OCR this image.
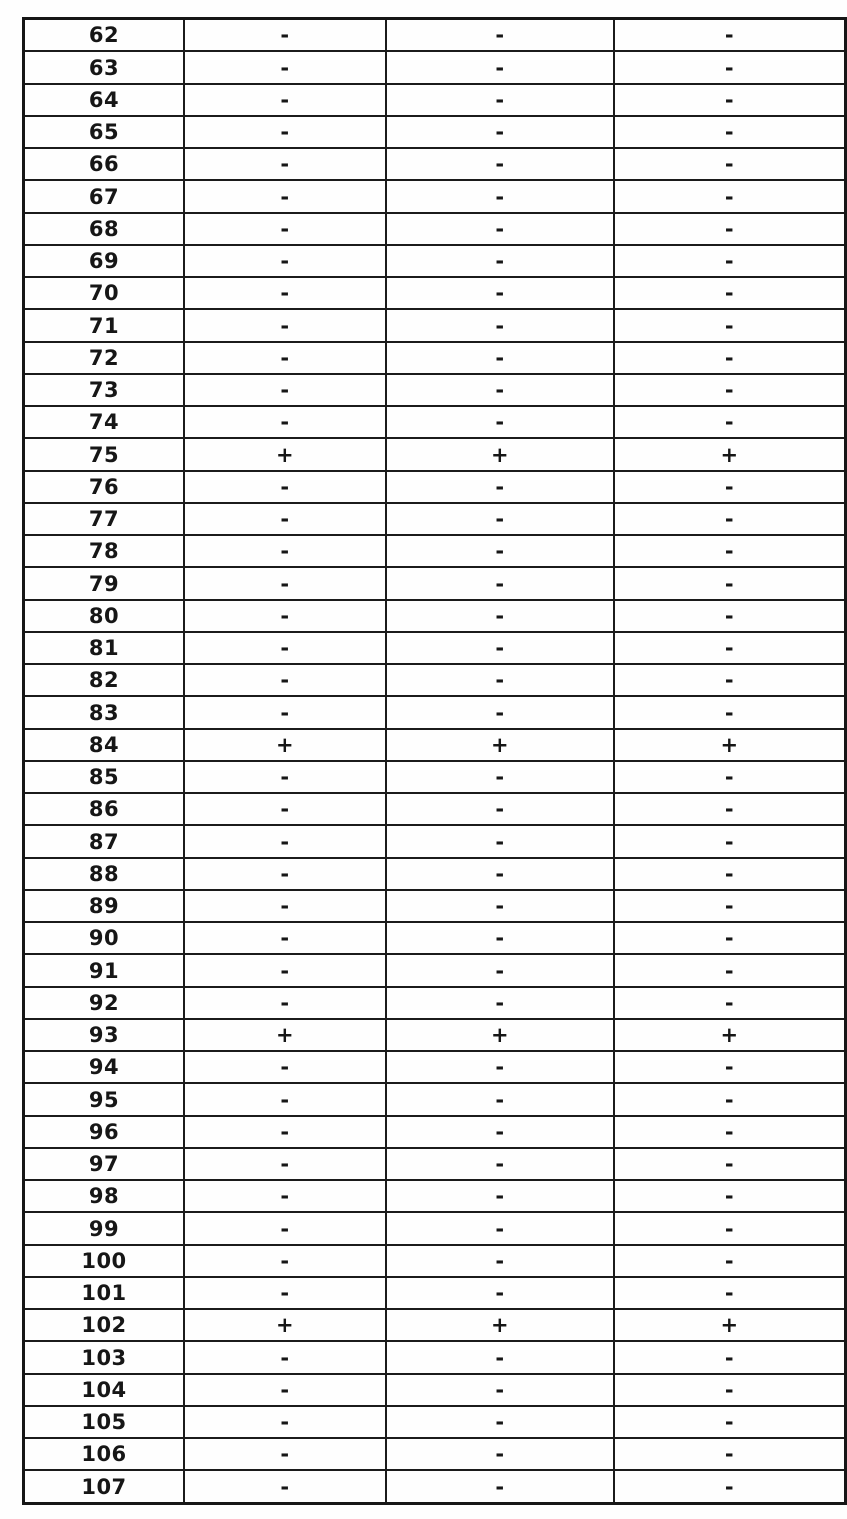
62	-	-	-
63	-	-	-
64	-	-	-
65	-	-	-
66	-	-	-
67	-	-	-
68	-	-	-
69	-	-	-
70	-	-	-
71	-	-	-
72	-	-	-
73	-	-	-
74	-	-	-
75	+	+	+
76	-	-	-
77	-	-	-
78	-	-	-
79	-	-	-
80	-	-	-
81	-	-	-
82	-	-	-
83	-	-	-
84	+	+	+
85	-	-	-
86	-	-	-
87	-	-	-
88	-	-	-
89	-	-	-
90	-	-	-
91	-	-	-
92	-	-	-
93	+	+	+
94	-	-	-
95	-	-	-
96	-	-	-
97	-	-	-
98	-	-	-
99	-	-	-
100	-	-	-
101	-	-	-
102	+	+	+
103	-	-	-
104	-	-	-
105	-	-	-
106	-	-	-
107	-	-	-
